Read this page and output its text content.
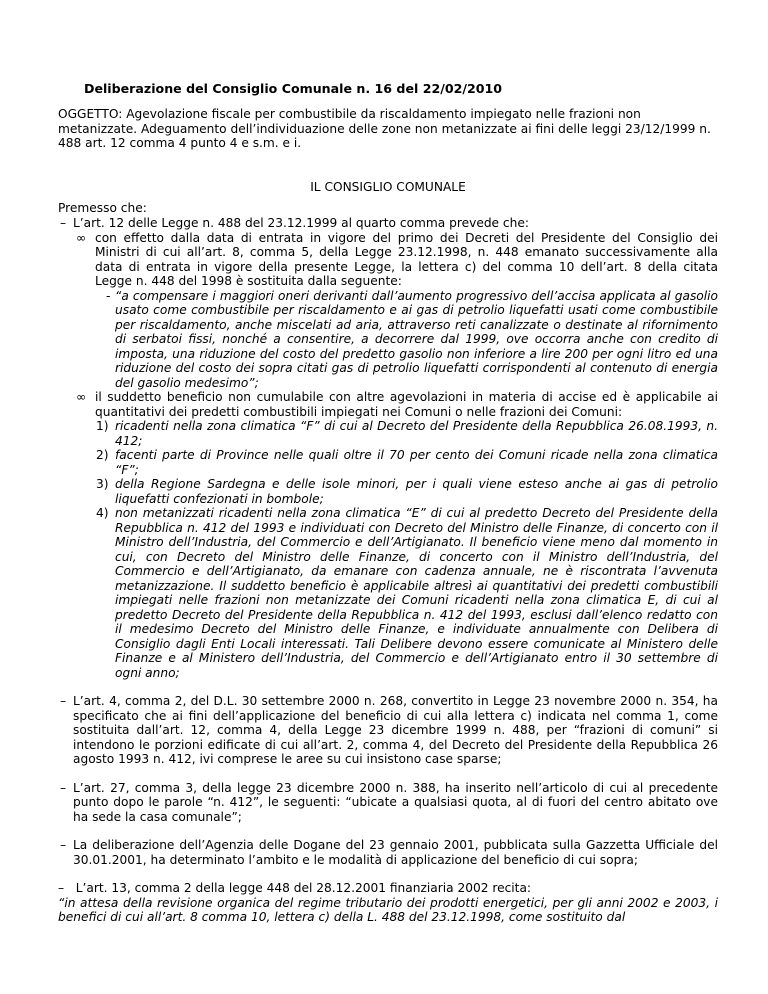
Deliberazione del Consiglio Comunale n. 16 del 22/02/2010
OGGETTO: Agevolazione fiscale per combustibile da riscaldamento impiegato nelle frazioni non metanizzate. Adeguamento dell’individuazione delle zone non metanizzate ai fini delle leggi 23/12/1999 n. 488 art. 12 comma 4 punto 4 e s.m. e i.
IL CONSIGLIO COMUNALE
Premesso che:
– L’art. 12 delle Legge n. 488 del 23.12.1999 al quarto comma prevede che:
∞ con effetto dalla data di entrata in vigore del primo dei Decreti del Presidente del Consiglio dei Ministri di cui all’art. 8, comma 5, della Legge 23.12.1998, n. 448 emanato successivamente alla data di entrata in vigore della presente Legge, la lettera c) del comma 10 dell’art. 8 della citata Legge n. 448 del 1998 è sostituita dalla seguente:
- “a compensare i maggiori oneri derivanti dall’aumento progressivo dell’accisa applicata al gasolio usato come combustibile per riscaldamento e ai gas di petrolio liquefatti usati come combustibile per riscaldamento, anche miscelati ad aria, attraverso reti canalizzate o destinate al rifornimento di serbatoi fissi, nonché a consentire, a decorrere dal 1999, ove occorra anche con credito di imposta, una riduzione del costo del predetto gasolio non inferiore a lire 200 per ogni litro ed una riduzione del costo dei sopra citati gas di petrolio liquefatti corrispondenti al contenuto di energia del gasolio medesimo”;
∞ il suddetto beneficio non cumulabile con altre agevolazioni in materia di accise ed è applicabile ai quantitativi dei predetti combustibili impiegati nei Comuni o nelle frazioni dei Comuni:
1) ricadenti nella zona climatica “F” di cui al Decreto del Presidente della Repubblica 26.08.1993, n. 412;
2) facenti parte di Province nelle quali oltre il 70 per cento dei Comuni ricade nella zona climatica “F”;
3) della Regione Sardegna e delle isole minori, per i quali viene esteso anche ai gas di petrolio liquefatti confezionati in bombole;
4) non metanizzati ricadenti nella zona climatica “E” di cui al predetto Decreto del Presidente della Repubblica n. 412 del 1993 e individuati con Decreto del Ministro delle Finanze, di concerto con il Ministro dell’Industria, del Commercio e dell’Artigianato. Il beneficio viene meno dal momento in cui, con Decreto del Ministro delle Finanze, di concerto con il Ministro dell’Industria, del Commercio e dell’Artigianato, da emanare con cadenza annuale, ne è riscontrata l’avvenuta metanizzazione. Il suddetto beneficio è applicabile altresì ai quantitativi dei predetti combustibili impiegati nelle frazioni non metanizzate dei Comuni ricadenti nella zona climatica E, di cui al predetto Decreto del Presidente della Repubblica n. 412 del 1993, esclusi dall’elenco redatto con il medesimo Decreto del Ministro delle Finanze, e individuate annualmente con Delibera di Consiglio dagli Enti Locali interessati. Tali Delibere devono essere comunicate al Ministero delle Finanze e al Ministero dell’Industria, del Commercio e dell’Artigianato entro il 30 settembre di ogni anno;
– L’art. 4, comma 2, del D.L. 30 settembre 2000 n. 268, convertito in Legge 23 novembre 2000 n. 354, ha specificato che ai fini dell’applicazione del beneficio di cui alla lettera c) indicata nel comma 1, come sostituita dall’art. 12, comma 4, della Legge 23 dicembre 1999 n. 488, per “frazioni di comuni” si intendono le porzioni edificate di cui all’art. 2, comma 4, del Decreto del Presidente della Repubblica 26 agosto 1993 n. 412, ivi comprese le aree su cui insistono case sparse;
– L’art. 27, comma 3, della legge 23 dicembre 2000 n. 388, ha inserito nell’articolo di cui al precedente punto dopo le parole “n. 412”, le seguenti: “ubicate a qualsiasi quota, al di fuori del centro abitato ove ha sede la casa comunale”;
– La deliberazione dell’Agenzia delle Dogane del 23 gennaio 2001, pubblicata sulla Gazzetta Ufficiale del 30.01.2001, ha determinato l’ambito e le modalità di applicazione del beneficio di cui sopra;
– L’art. 13, comma 2 della legge 448 del 28.12.2001 finanziaria 2002 recita:
“in attesa della revisione organica del regime tributario dei prodotti energetici, per gli anni 2002 e 2003, i benefici di cui all’art. 8 comma 10, lettera c) della L. 488 del 23.12.1998, come sostituito dal
